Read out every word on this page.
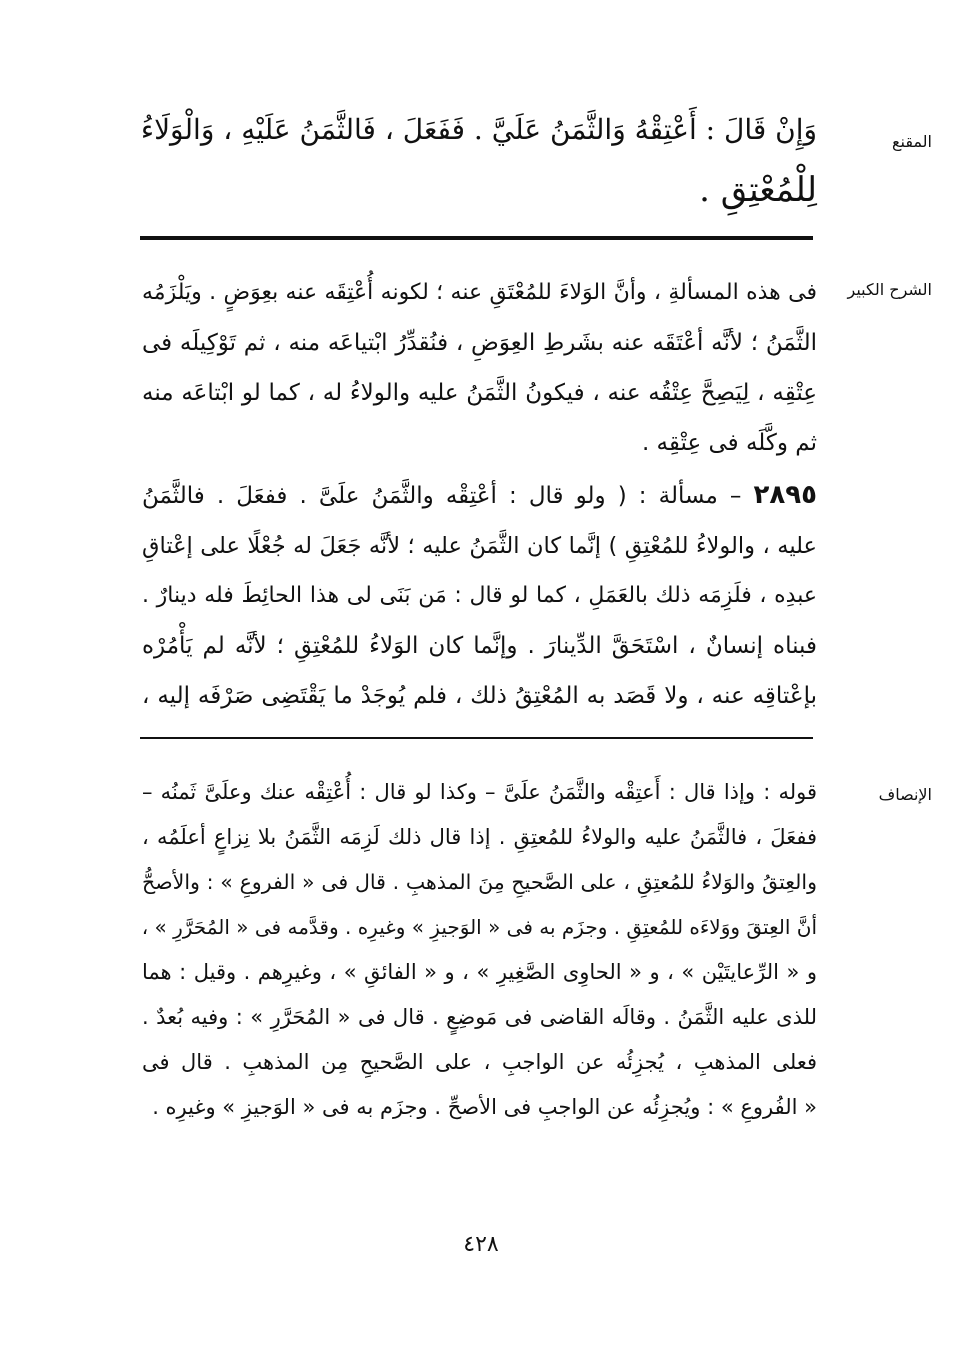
المقنع
وَإِنْ قَالَ : أَعْتِقْهُ وَالثَّمَنُ عَلَيَّ . فَفَعَلَ ، فَالثَّمَنُ عَلَيْهِ ، وَالْوَلَاءُ
لِلْمُعْتِقِ .
الشرح الكبير
فى هذه المسألةِ ، وأنَّ الوَلاءَ للمُعْتَقِ عنه ؛ لكونه أُعْتِقَه عنه بعِوَضٍ . ويَلْزَمُه
الثَّمَنُ ؛ لأنَّه أعْتَقَه عنه بشَرطِ العِوَضِ ، فنُقدِّرُ ابْتياعَه منه ، ثم تَوْكِيلَه فى
عِتْقِه ، لِيَصِحَّ عِتْقُه عنه ، فيكونُ الثَّمَنُ عليه والولاءُ له ، كما لو ابْتاعَه منه
ثم وكَّلَه فى عِتْقِه .
٢٨٩٥ – مسألة : ( ولو قال : أعْتِقْه والثَّمَنُ علَىَّ . ففعَلَ . فالثَّمَنُ
عليه ، والولاءُ للمُعْتِقِ ) إنَّما كان الثَّمَنُ عليه ؛ لأنَّه جَعَلَ له جُعْلًا على إعْتاقِ
عبدِه ، فلَزِمَه ذلك بالعَمَلِ ، كما لو قال : مَن بَنَى لى هذا الحائِطَ فله دينارٌ .
فبناه إنسانٌ ، اسْتَحَقَّ الدِّينارَ . وإنَّما كان الوَلاءُ للمُعْتِقِ ؛ لأنَّه لم يَأْمُرْه
بإعْتاقِه عنه ، ولا قَصَد به المُعْتِقُ ذلك ، فلم يُوجَدْ ما يَقْتَضِى صَرْفَه إليه ،
الإنصاف
قوله : وإذا قال : أَعتِقْه والثَّمَنُ علَىَّ – وكذا لو قال : أُعْتِقْه عنك وعلَىَّ ثَمنُه –
ففعَلَ ، فالثَّمَنُ عليه والولاءُ للمُعتِقِ . إذا قال ذلك لَزِمَه الثَّمَنُ بلا نِزاعٍ أعلَمُه ،
والعِتقُ والوَلاءُ للمُعتِقِ ، على الصَّحيحِ مِنَ المذهبِ . قال فى « الفروعِ » : والأصحُّ
أنَّ العِتقَ ووَلاءَه للمُعتِقِ . وجزَم به فى « الوَجيزِ » وغيرِه . وقدَّمه فى « المُحَرَّرِ » ،
و « الرِّعايتَيْن » ، و « الحاوِى الصَّغِيرِ » ، و « الفائقِ » ، وغيرِهم . وقيل : هما
للذى عليه الثَّمَنُ . وقالَه القاضى فى مَوضِعٍ . قال فى « المُحَرَّرِ » : وفيه بُعدٌ .
فعلى المذهبِ ، يُجزِئُه عن الواجبِ ، على الصَّحيحِ مِن المذهبِ . قال فى
« الفُروعِ » : ويُجزِئُه عن الواجبِ فى الأصحِّ . وجزَم به فى « الوَجيزِ » وغيرِه .
٤٢٨
